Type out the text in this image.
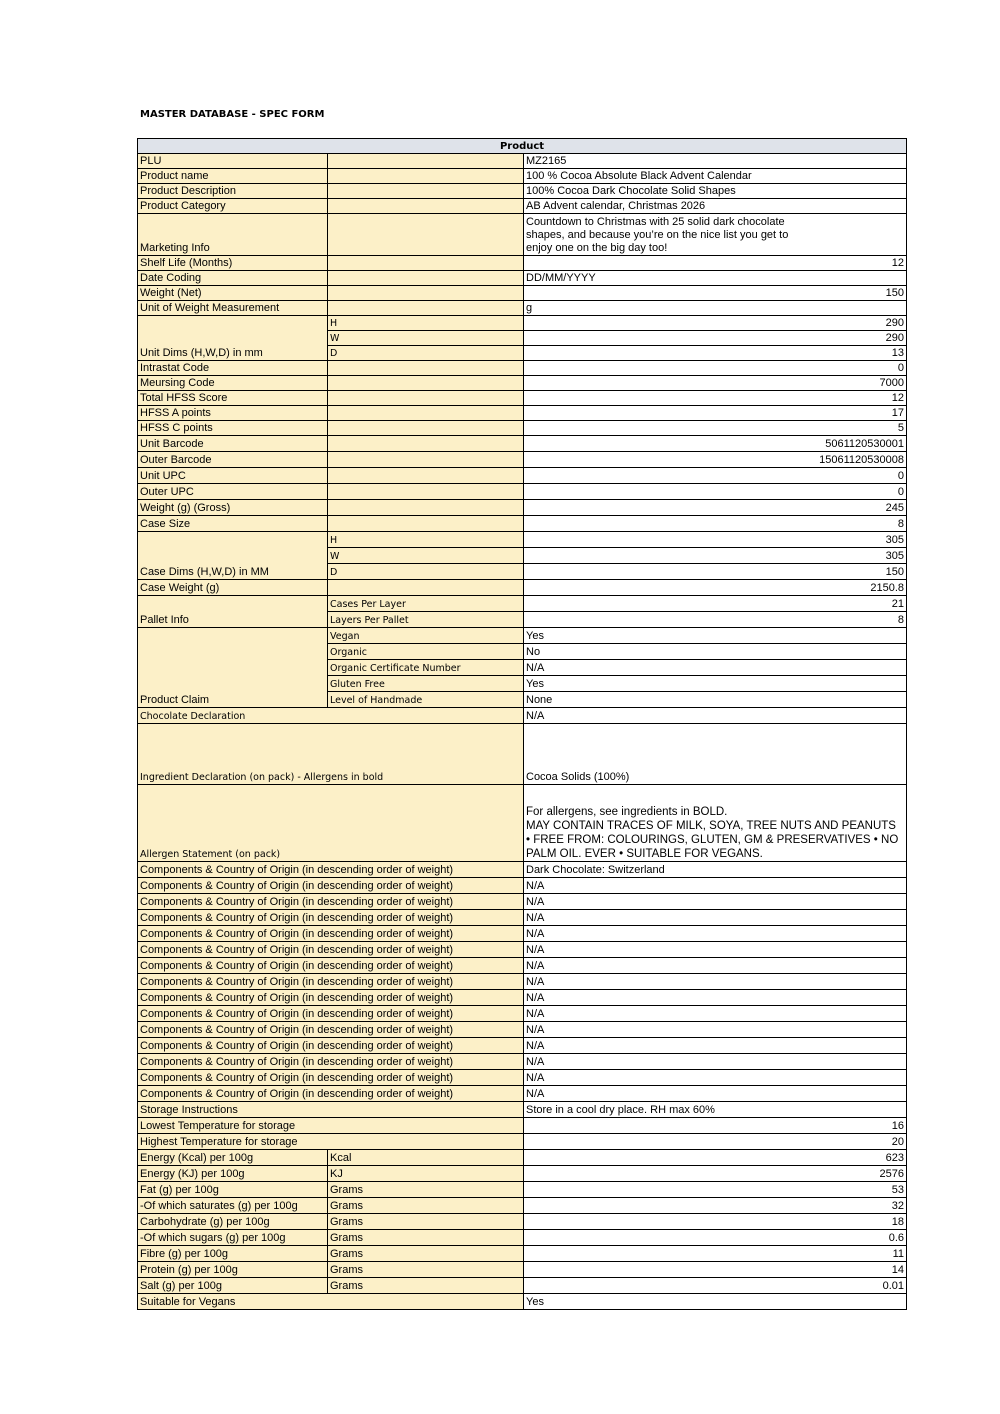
MASTER DATABASE - SPEC FORM
Product		
PLU		MZ2165
Product name		100 % Cocoa Absolute Black Advent Calendar
Product Description		100% Cocoa Dark Chocolate Solid Shapes
Product Category		AB Advent calendar, Christmas 2026
Marketing Info		Countdown to Christmas with 25 solid dark chocolate
shapes, and because you’re on the nice list you get to
enjoy one on the big day too!

Shelf Life (Months)		12
Date Coding		DD/MM/YYYY
Weight (Net)		150
Unit of Weight Measurement		g
Unit Dims (H,W,D) in mm	H	290
	W	290
	D	13
Intrastat Code		0
Meursing Code		7000
Total HFSS Score		12
HFSS A points		17
HFSS C points		5
Unit Barcode		5061120530001
Outer Barcode		15061120530008
Unit UPC		0
Outer UPC		0
Weight (g) (Gross)		245
Case Size		8
Case Dims (H,W,D) in MM	H	305
	W	305
	D	150
Case Weight (g)		2150.8
Pallet Info	Cases Per Layer	21
	Layers Per Pallet	8
Product Claim	Vegan	Yes
	Organic	No
	Organic Certificate Number	N/A
	Gluten Free	Yes
	Level of Handmade	None
Chocolate Declaration		N/A
Ingredient Declaration (on pack) - Allergens in bold		Cocoa Solids (100%)
Allergen Statement (on pack)		For allergens, see ingredients in BOLD.
MAY CONTAIN TRACES OF MILK, SOYA, TREE NUTS AND PEANUTS
• FREE FROM: COLOURINGS, GLUTEN, GM & PRESERVATIVES • NO
PALM OIL. EVER • SUITABLE FOR VEGANS.

Components & Country of Origin (in descending order of weight)		Dark Chocolate: Switzerland
Components & Country of Origin (in descending order of weight)		N/A
Components & Country of Origin (in descending order of weight)		N/A
Components & Country of Origin (in descending order of weight)		N/A
Components & Country of Origin (in descending order of weight)		N/A
Components & Country of Origin (in descending order of weight)		N/A
Components & Country of Origin (in descending order of weight)		N/A
Components & Country of Origin (in descending order of weight)		N/A
Components & Country of Origin (in descending order of weight)		N/A
Components & Country of Origin (in descending order of weight)		N/A
Components & Country of Origin (in descending order of weight)		N/A
Components & Country of Origin (in descending order of weight)		N/A
Components & Country of Origin (in descending order of weight)		N/A
Components & Country of Origin (in descending order of weight)		N/A
Components & Country of Origin (in descending order of weight)		N/A
Storage Instructions		Store in a cool dry place. RH max 60%
Lowest Temperature for storage		16
Highest Temperature for storage		20
Energy (Kcal) per 100g	Kcal	623
Energy (KJ) per 100g	KJ	2576
Fat (g) per 100g	Grams	53
-Of which saturates (g) per 100g	Grams	32
Carbohydrate (g) per 100g	Grams	18
-Of which sugars (g) per 100g	Grams	0.6
Fibre (g) per 100g	Grams	11
Protein (g) per 100g	Grams	14
Salt (g) per 100g	Grams	0.01
Suitable for Vegans		Yes
